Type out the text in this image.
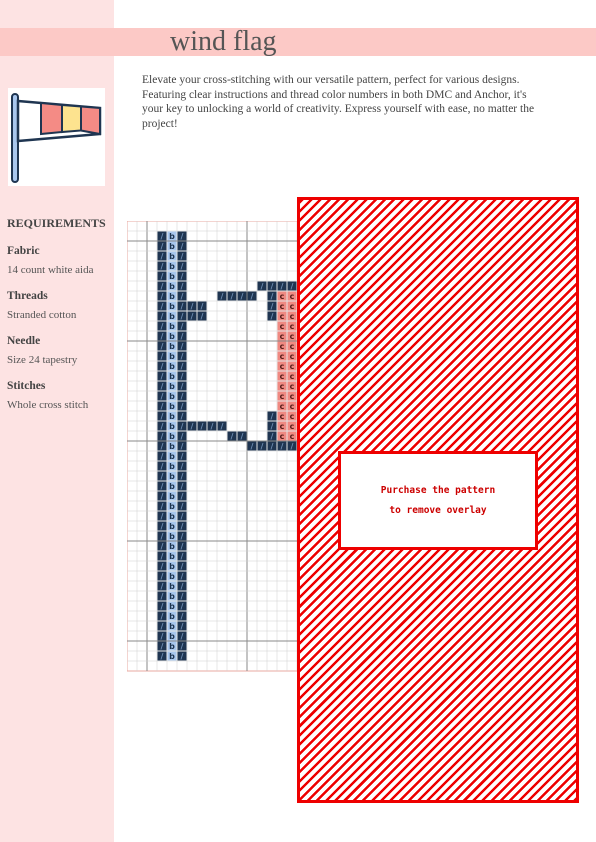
wind flag
Elevate your cross-stitching with our versatile pattern, perfect for various designs. Featuring clear instructions and thread color numbers in both DMC and Anchor, it's your key to unlocking a world of creativity. Express yourself with ease, no matter the project!

REQUIREMENTS

Fabric

14 count white aida

Threads

Stranded cotton

Needle

Size 24 tapestry

Stitches

Whole cross stitch

/ b /
/ b /
/ b /
/ b /
/ b /
/ b /
/ b /
/ b /
/ b /
/ b /
/ b /
/ b /
/ b /
/ b /
/ b /
/ b /
/ b /
/ b /
/ b /
/ b /
/ b /
/ b /
/ b /
/ b /
/ b /
/ b /
/ b /
/ b /
/ b /
/ b /
/ b /
/ b /
/ b /
/ b /
/ b /
/ b /
/ b /
/ b /
/ b /
/ b /
/ b /
/ b /
/ b /
/ /
/ /
/ / / /
/ /
/ / / / /
/ / / /
/ / / /
/
/
/
/
/
/
c c
c c
c c
c c
c c
c c
c c
c c
c c
c c
c c
c c
c c
c c
c c
Purchase the pattern
to remove overlay
